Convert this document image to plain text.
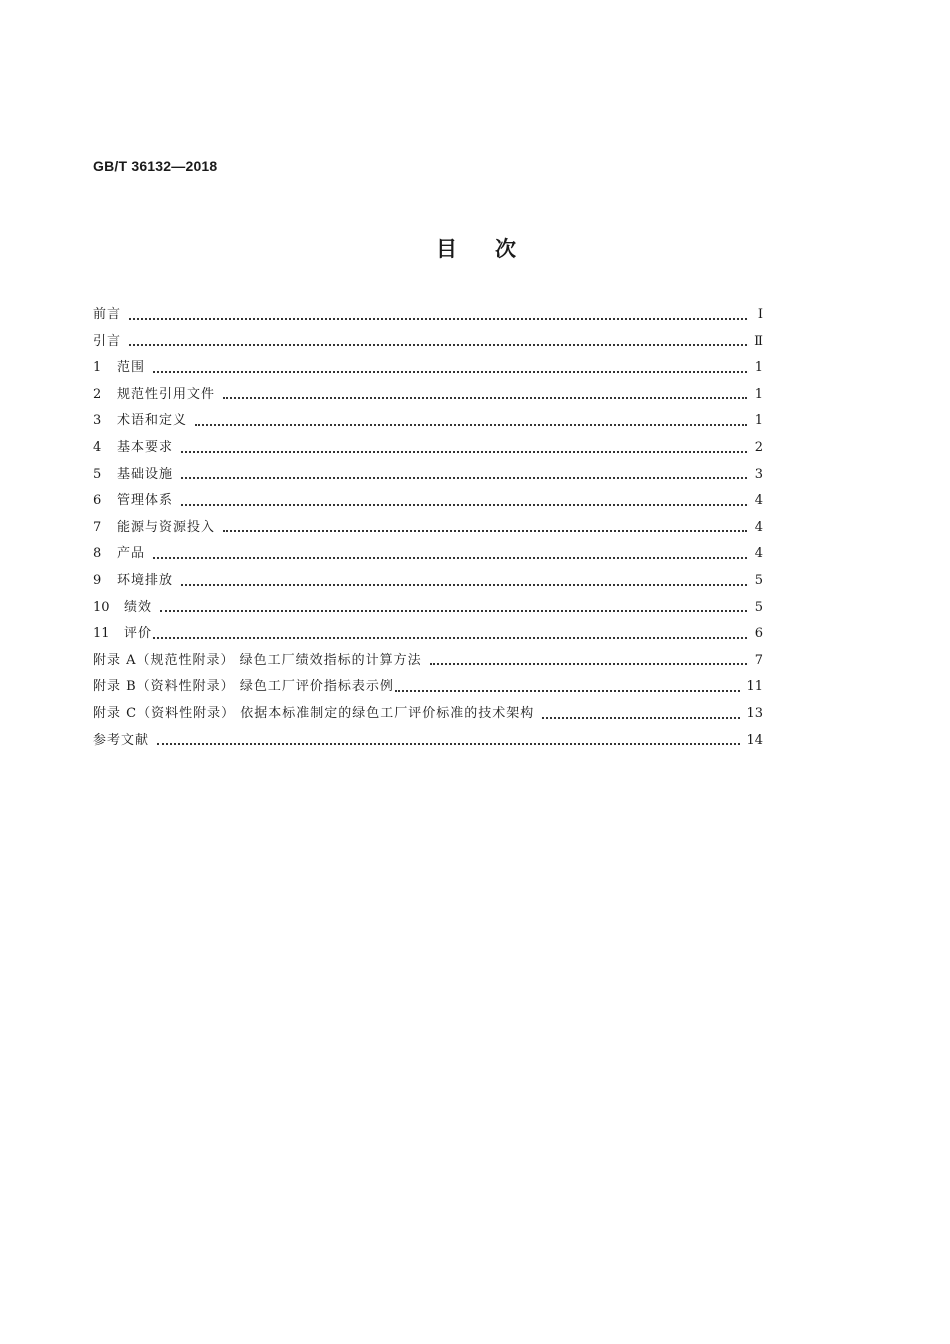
GB/T 36132—2018
目次
前言	Ⅰ
引言	Ⅱ
1	范围	1
2	规范性引用文件	1
3	术语和定义	1
4	基本要求	2
5	基础设施	3
6	管理体系	4
7	能源与资源投入	4
8	产品	4
9	环境排放	5
10	绩效	5
11	评价	6
附录 A（规范性附录） 绿色工厂绩效指标的计算方法	7
附录 B（资料性附录） 绿色工厂评价指标表示例	11
附录 C（资料性附录） 依据本标准制定的绿色工厂评价标准的技术架构	13
参考文献	14
